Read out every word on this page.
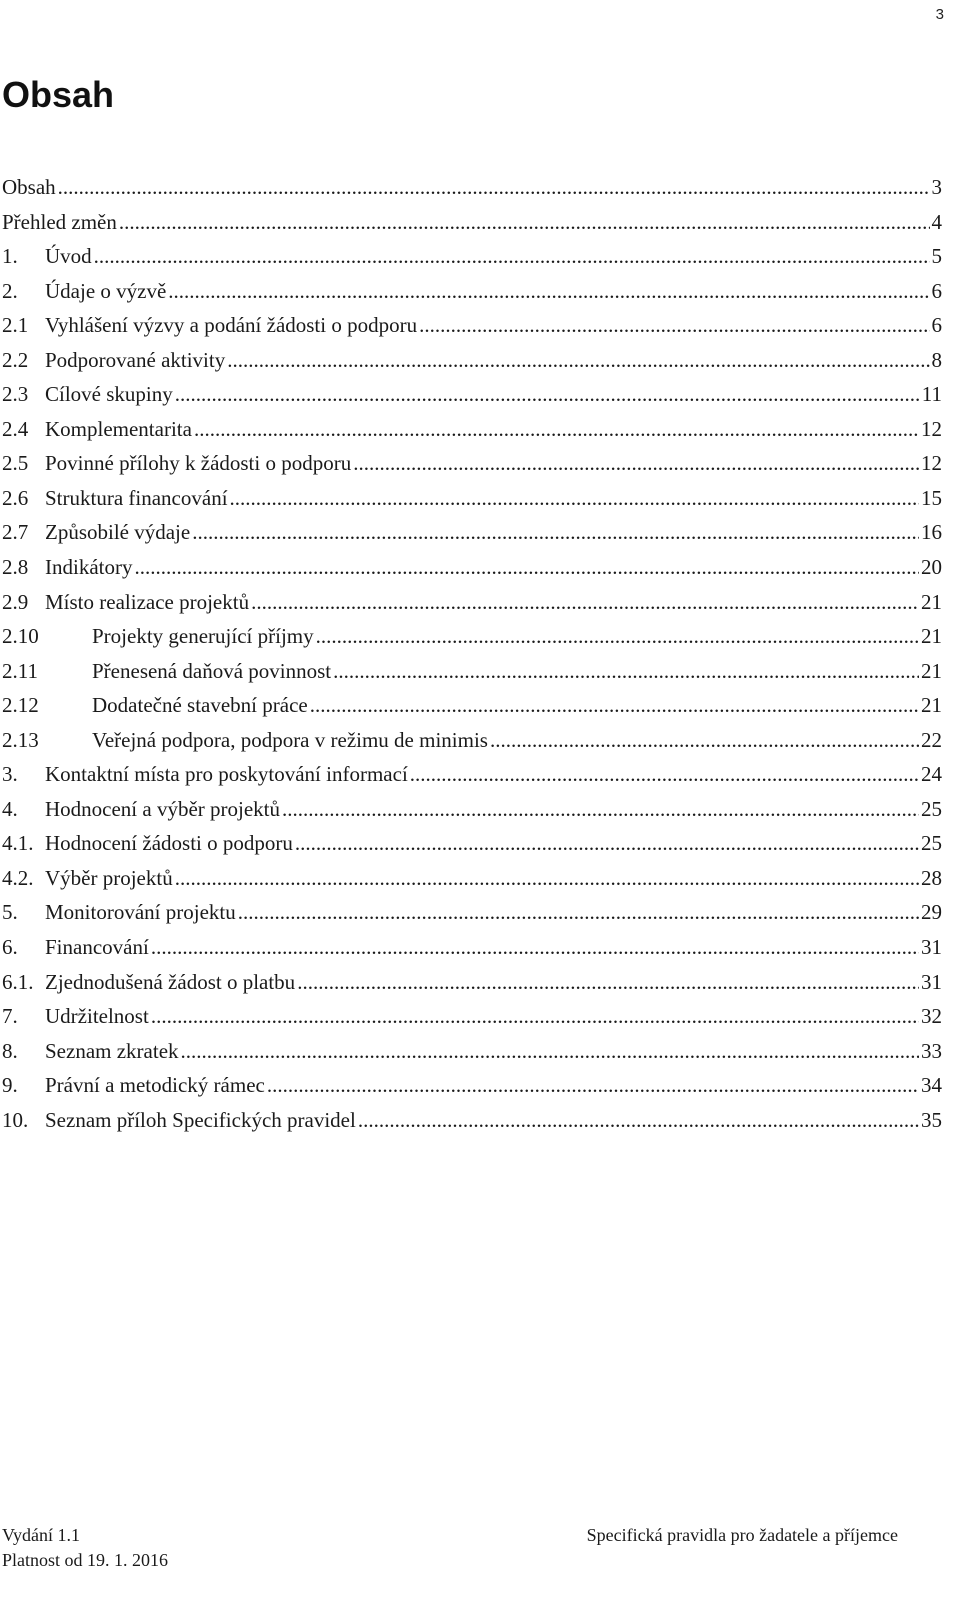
3
Obsah
Obsah .....	3
Přehled změn .....	4
1.	Úvod .....	5
2.	Údaje o výzvě .....	6
2.1 Vyhlášení výzvy a podání žádosti o podporu .....	6
2.2 Podporované aktivity .....	8
2.3 Cílové skupiny .....	11
2.4 Komplementarita .....	12
2.5 Povinné přílohy k žádosti o podporu .....	12
2.6 Struktura financování .....	15
2.7 Způsobilé výdaje .....	16
2.8 Indikátory .....	20
2.9 Místo realizace projektů .....	21
2.10	Projekty generující příjmy .....	21
2.11	Přenesená daňová povinnost .....	21
2.12	Dodatečné stavební práce .....	21
2.13	Veřejná podpora, podpora v režimu de minimis .....	22
3.	Kontaktní místa pro poskytování informací .....	24
4.	Hodnocení a výběr projektů .....	25
4.1. Hodnocení žádosti o podporu .....	25
4.2. Výběr projektů .....	28
5.	Monitorování projektu .....	29
6.	Financování .....	31
6.1. Zjednodušená žádost o platbu .....	31
7.	Udržitelnost .....	32
8.	Seznam zkratek .....	33
9.	Právní a metodický rámec .....	34
10. Seznam příloh Specifických pravidel .....	35
Vydání 1.1
Platnost od 19. 1. 2016
Specifická pravidla pro žadatele a příjemce
